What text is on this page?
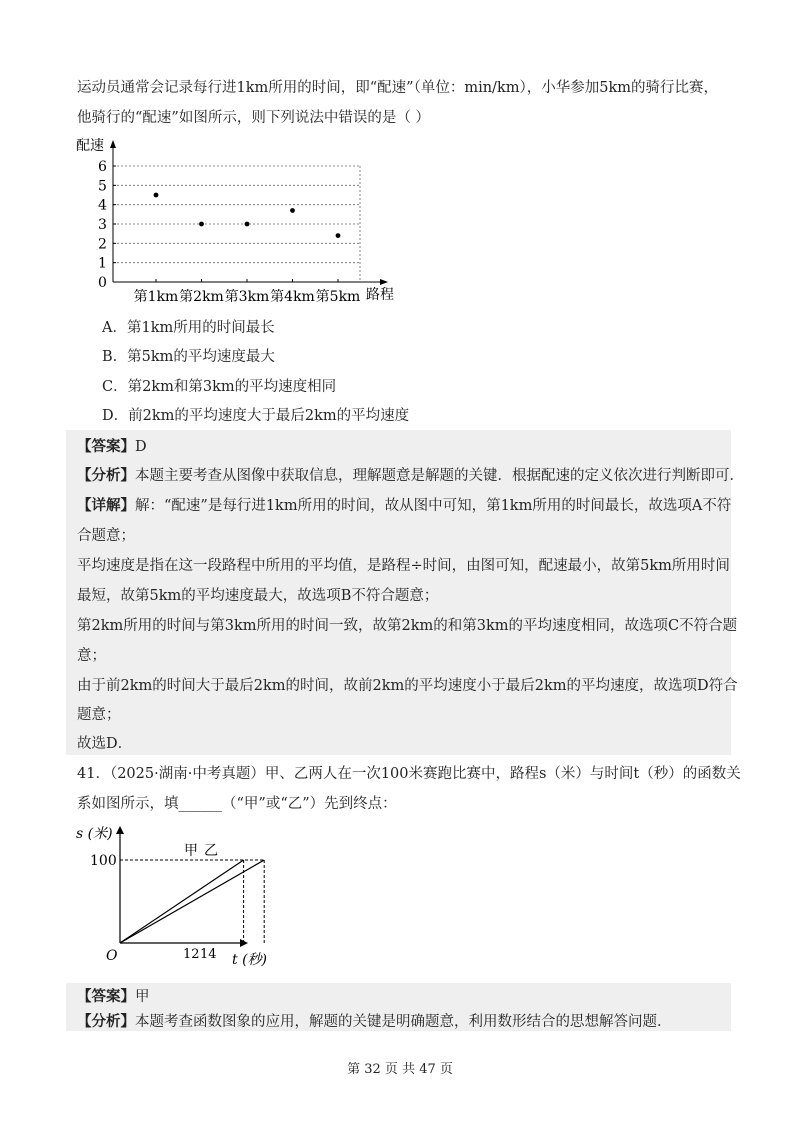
运动员通常会记录每行进1km所用的时间，即“配速”（单位：min/km），小华参加5km的骑行比赛，
他骑行的“配速”如图所示，则下列说法中错误的是（ ）
0
1
2
3
4
5
6
第1km 第2km 第3km 第4km 第5km
配速
路程
A．第1km所用的时间最长
B．第5km的平均速度最大
C．第2km和第3km的平均速度相同
D．前2km的平均速度大于最后2km的平均速度
【答案】D
【分析】本题主要考查从图像中获取信息，理解题意是解题的关键．根据配速的定义依次进行判断即可．
【详解】解：“配速”是每行进1km所用的时间，故从图中可知，第1km所用的时间最长，故选项A不符
合题意；
平均速度是指在这一段路程中所用的平均值，是路程÷时间，由图可知，配速最小，故第5km所用时间
最短，故第5km的平均速度最大，故选项B不符合题意；
第2km所用的时间与第3km所用的时间一致，故第2km的和第3km的平均速度相同，故选项C不符合题
意；
由于前2km的时间大于最后2km的时间，故前2km的平均速度小于最后2km的平均速度，故选项D符合
题意；
故选D．
41．（2025·湖南·中考真题）甲、乙两人在一次100米赛跑比赛中，路程s（米）与时间t（秒）的函数关
系如图所示，填______（“甲”或“乙”）先到终点：
s (米)
t (秒)
O
100
12 14
甲 乙
【答案】甲
【分析】本题考查函数图象的应用，解题的关键是明确题意，利用数形结合的思想解答问题．
第 32 页 共 47 页
